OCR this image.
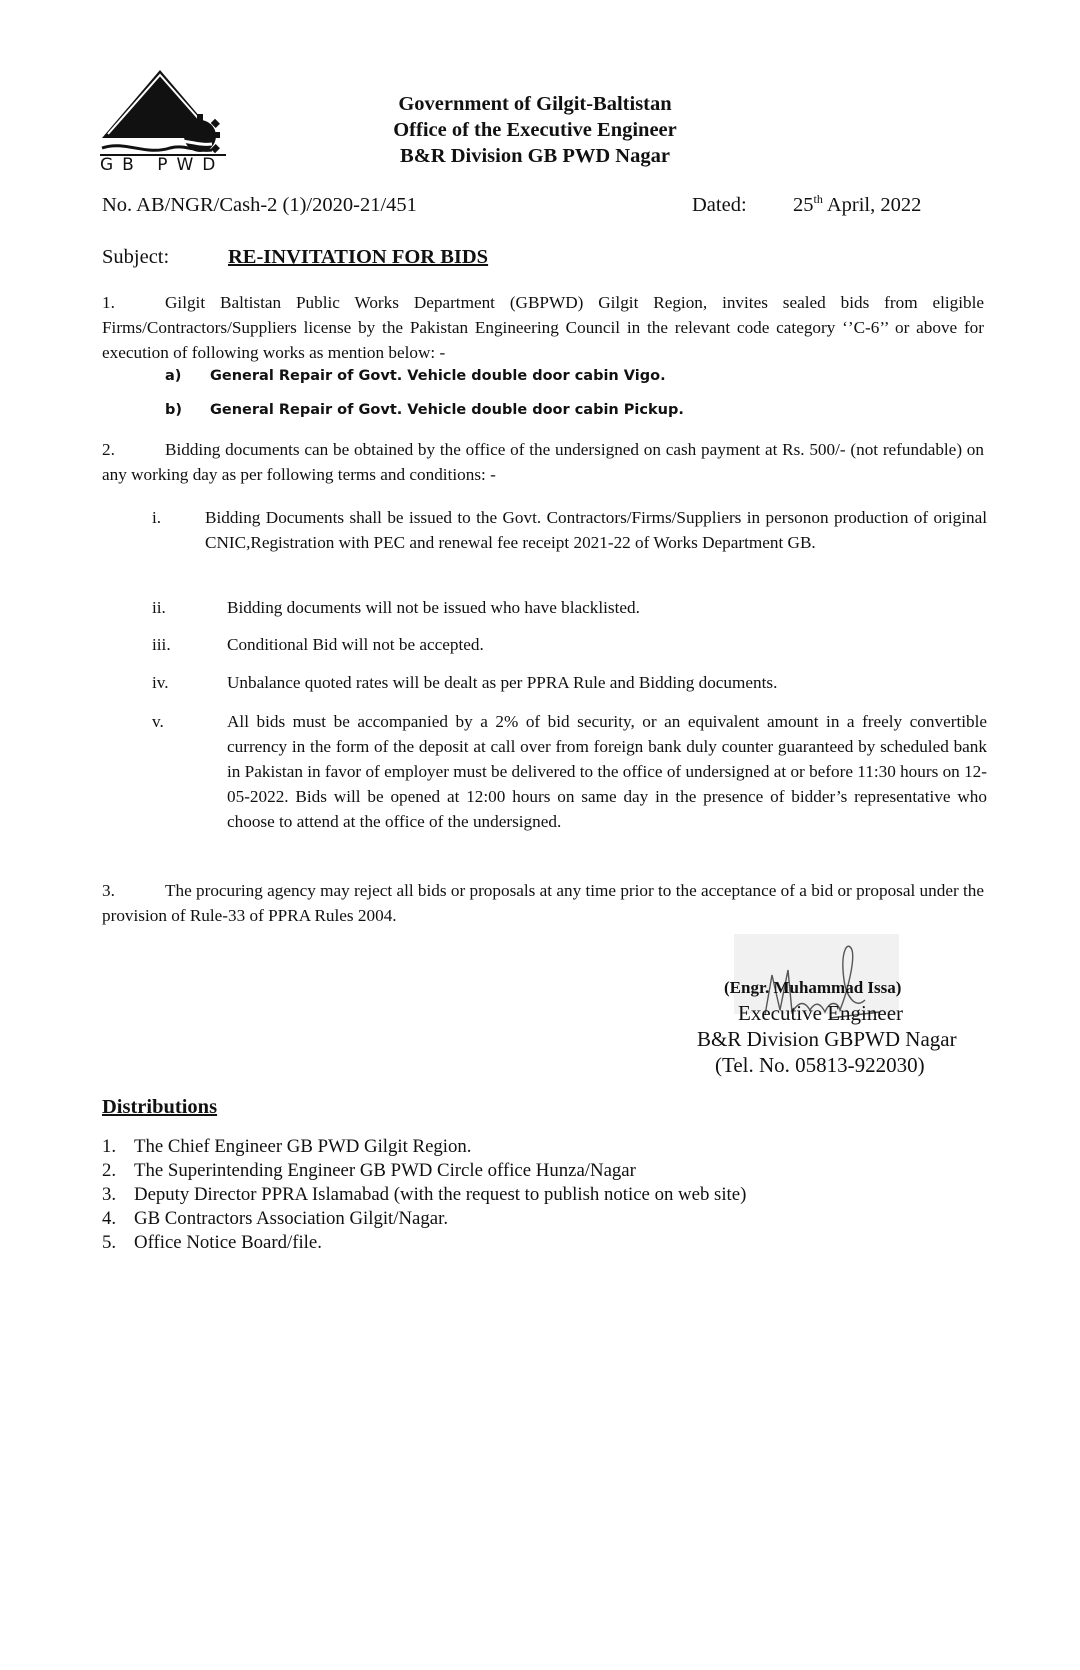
GB PWD
Government of Gilgit-Baltistan
Office of the Executive Engineer
B&R Division GB PWD Nagar
No. AB/NGR/Cash-2 (1)/2020-21/451	Dated: 25th April, 2022
Subject:	RE-INVITATION FOR BIDS
1.	Gilgit Baltistan Public Works Department (GBPWD) Gilgit Region, invites sealed bids from eligible Firms/Contractors/Suppliers license by the Pakistan Engineering Council in the relevant code category ‘’C-6’’ or above for execution of following works as mention below: -
a) General Repair of Govt. Vehicle double door cabin Vigo.
b) General Repair of Govt. Vehicle double door cabin Pickup.
2.	Bidding documents can be obtained by the office of the undersigned on cash payment at Rs. 500/- (not refundable) on any working day as per following terms and conditions: -
i.	Bidding Documents shall be issued to the Govt. Contractors/Firms/Suppliers in personon production of original CNIC,Registration with PEC and renewal fee receipt 2021-22 of Works Department GB.
ii.	Bidding documents will not be issued who have blacklisted.
iii.	Conditional Bid will not be accepted.
iv.	Unbalance quoted rates will be dealt as per PPRA Rule and Bidding documents.
v.	All bids must be accompanied by a 2% of bid security, or an equivalent amount in a freely convertible currency in the form of the deposit at call over from foreign bank duly counter guaranteed by scheduled bank in Pakistan in favor of employer must be delivered to the office of undersigned at or before 11:30 hours on 12-05-2022. Bids will be opened at 12:00 hours on same day in the presence of bidder’s representative who choose to attend at the office of the undersigned.
3.	The procuring agency may reject all bids or proposals at any time prior to the acceptance of a bid or proposal under the provision of Rule-33 of PPRA Rules 2004.
(Engr. Muhammad Issa)
Executive Engineer
B&R Division GBPWD Nagar
(Tel. No. 05813-922030)
Distributions
1. The Chief Engineer GB PWD Gilgit Region.
2. The Superintending Engineer GB PWD Circle office Hunza/Nagar
3. Deputy Director PPRA Islamabad (with the request to publish notice on web site)
4. GB Contractors Association Gilgit/Nagar.
5. Office Notice Board/file.
